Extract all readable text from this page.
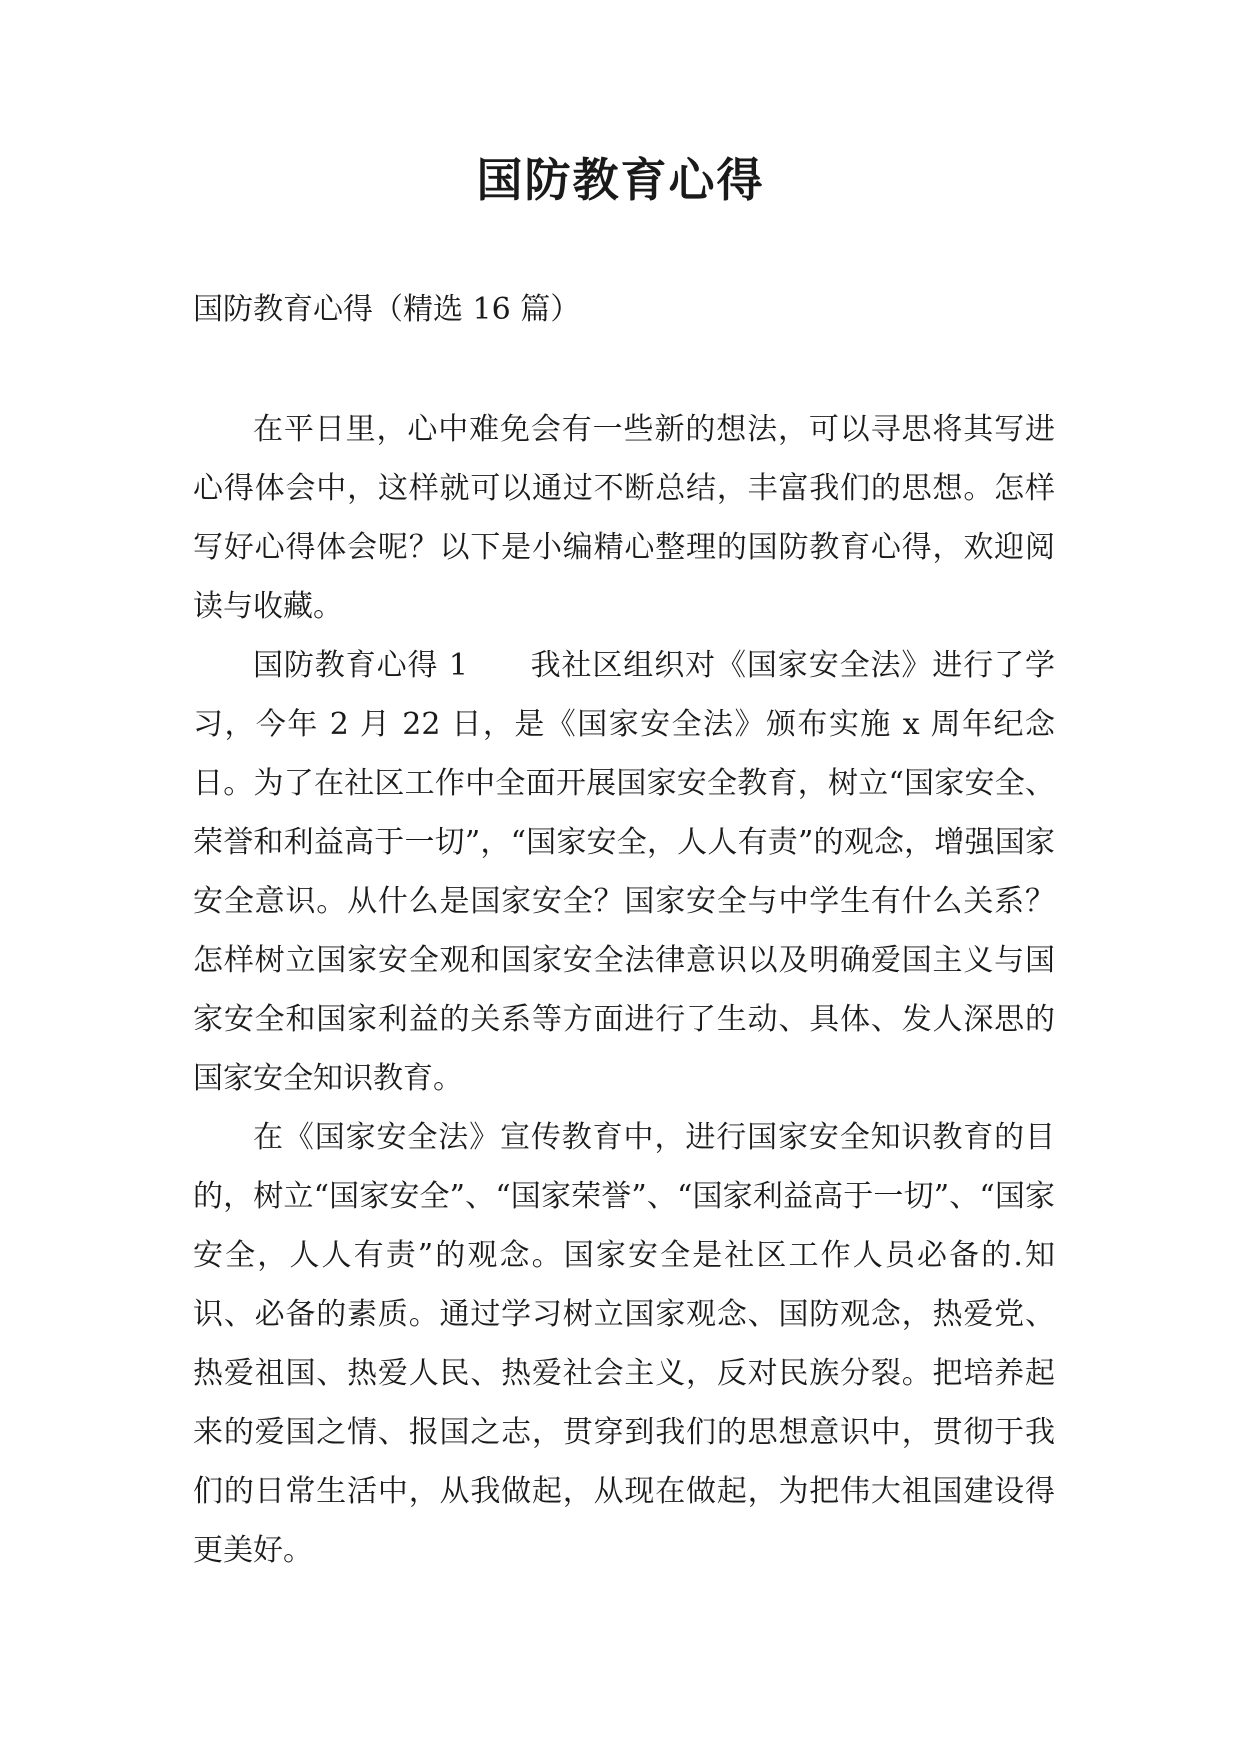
国防教育心得

国防教育心得（精选 16 篇）

在平日里，心中难免会有一些新的想法，可以寻思将其写进心得体会中，这样就可以通过不断总结，丰富我们的思想。怎样写好心得体会呢？以下是小编精心整理的国防教育心得，欢迎阅读与收藏。

国防教育心得 1　　我社区组织对《国家安全法》进行了学习，今年 2 月 22 日，是《国家安全法》颁布实施 x 周年纪念日。为了在社区工作中全面开展国家安全教育，树立“国家安全、荣誉和利益高于一切”，“国家安全，人人有责”的观念，增强国家安全意识。从什么是国家安全？国家安全与中学生有什么关系？怎样树立国家安全观和国家安全法律意识以及明确爱国主义与国家安全和国家利益的关系等方面进行了生动、具体、发人深思的国家安全知识教育。

在《国家安全法》宣传教育中，进行国家安全知识教育的目的，树立“国家安全”、“国家荣誉”、“国家利益高于一切”、“国家安全，人人有责”的观念。国家安全是社区工作人员必备的.知识、必备的素质。通过学习树立国家观念、国防观念，热爱党、热爱祖国、热爱人民、热爱社会主义，反对民族分裂。把培养起来的爱国之情、报国之志，贯穿到我们的思想意识中，贯彻于我们的日常生活中，从我做起，从现在做起，为把伟大祖国建设得更美好。
